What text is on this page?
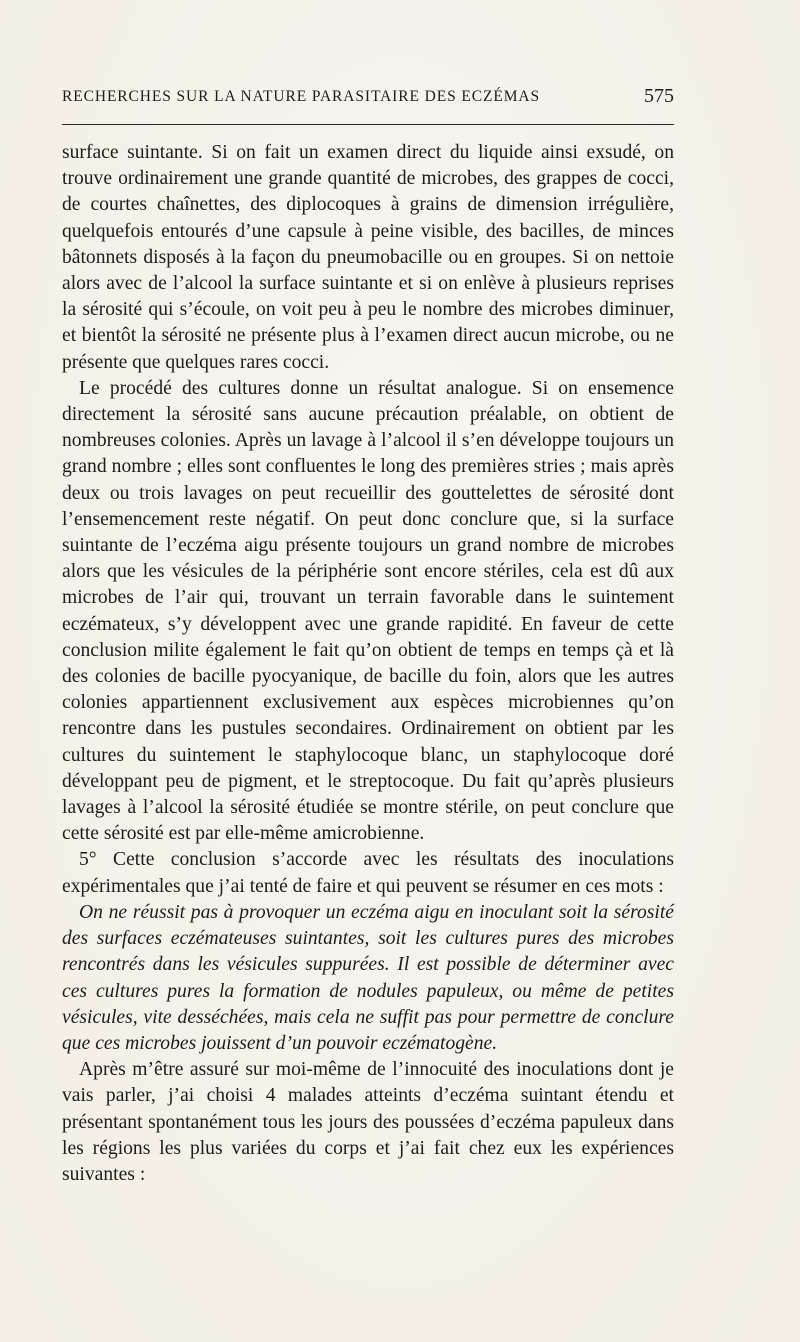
RECHERCHES SUR LA NATURE PARASITAIRE DES ECZÉMAS	575

surface suintante. Si on fait un examen direct du liquide ainsi exsudé, on trouve ordinairement une grande quantité de microbes, des grappes de cocci, de courtes chaînettes, des diplocoques à grains de dimension irrégulière, quelquefois entourés d’une capsule à peine visible, des bacilles, de minces bâtonnets disposés à la façon du pneumobacille ou en groupes. Si on nettoie alors avec de l’alcool la surface suintante et si on enlève à plusieurs reprises la sérosité qui s’écoule, on voit peu à peu le nombre des microbes diminuer, et bientôt la sérosité ne présente plus à l’examen direct aucun microbe, ou ne présente que quelques rares cocci.

Le procédé des cultures donne un résultat analogue. Si on ensemence directement la sérosité sans aucune précaution préalable, on obtient de nombreuses colonies. Après un lavage à l’alcool il s’en développe toujours un grand nombre ; elles sont confluentes le long des premières stries ; mais après deux ou trois lavages on peut recueillir des gouttelettes de sérosité dont l’ensemencement reste négatif. On peut donc conclure que, si la surface suintante de l’eczéma aigu présente toujours un grand nombre de microbes alors que les vésicules de la périphérie sont encore stériles, cela est dû aux microbes de l’air qui, trouvant un terrain favorable dans le suintement eczémateux, s’y développent avec une grande rapidité. En faveur de cette conclusion milite également le fait qu’on obtient de temps en temps çà et là des colonies de bacille pyocyanique, de bacille du foin, alors que les autres colonies appartiennent exclusivement aux espèces microbiennes qu’on rencontre dans les pustules secondaires. Ordinairement on obtient par les cultures du suintement le staphylocoque blanc, un staphylocoque doré développant peu de pigment, et le streptocoque. Du fait qu’après plusieurs lavages à l’alcool la sérosité étudiée se montre stérile, on peut conclure que cette sérosité est par elle-même amicrobienne.

5° Cette conclusion s’accorde avec les résultats des inoculations expérimentales que j’ai tenté de faire et qui peuvent se résumer en ces mots :

On ne réussit pas à provoquer un eczéma aigu en inoculant soit la sérosité des surfaces eczémateuses suintantes, soit les cultures pures des microbes rencontrés dans les vésicules suppurées. Il est possible de déterminer avec ces cultures pures la formation de nodules papuleux, ou même de petites vésicules, vite desséchées, mais cela ne suffit pas pour permettre de conclure que ces microbes jouissent d’un pouvoir eczématogène.

Après m’être assuré sur moi-même de l’innocuité des inoculations dont je vais parler, j’ai choisi 4 malades atteints d’eczéma suintant étendu et présentant spontanément tous les jours des poussées d’eczéma papuleux dans les régions les plus variées du corps et j’ai fait chez eux les expériences suivantes :
